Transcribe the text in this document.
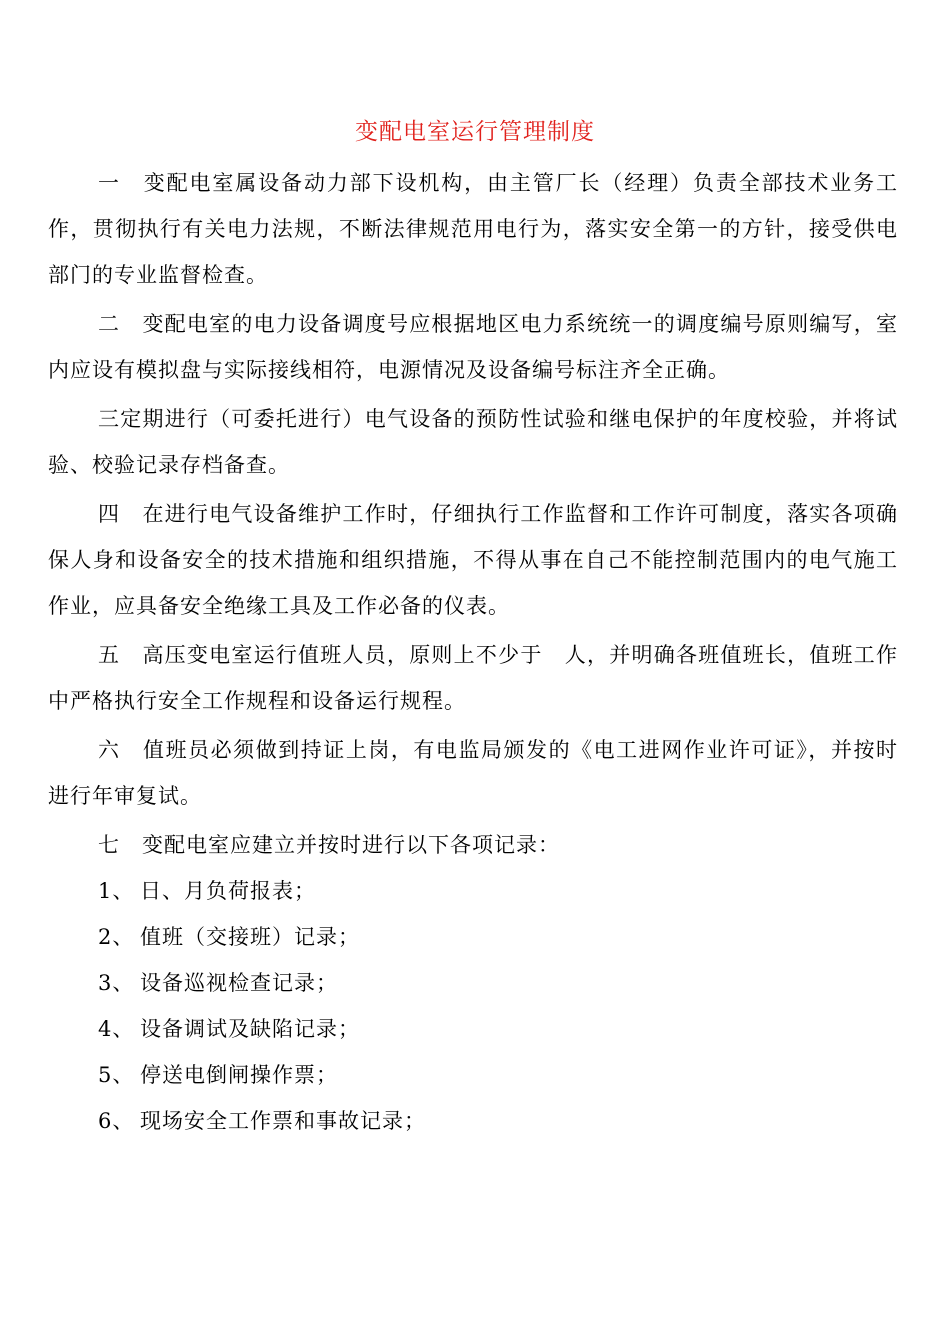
变配电室运行管理制度

一　变配电室属设备动力部下设机构，由主管厂长（经理）负责全部技术业务工作，贯彻执行有关电力法规，不断法律规范用电行为，落实安全第一的方针，接受供电部门的专业监督检查。

二　变配电室的电力设备调度号应根据地区电力系统统一的调度编号原则编写，室内应设有模拟盘与实际接线相符，电源情况及设备编号标注齐全正确。

三定期进行（可委托进行）电气设备的预防性试验和继电保护的年度校验，并将试验、校验记录存档备查。

四　在进行电气设备维护工作时，仔细执行工作监督和工作许可制度，落实各项确保人身和设备安全的技术措施和组织措施，不得从事在自己不能控制范围内的电气施工作业，应具备安全绝缘工具及工作必备的仪表。

五　高压变电室运行值班人员，原则上不少于　人，并明确各班值班长，值班工作中严格执行安全工作规程和设备运行规程。

六　值班员必须做到持证上岗，有电监局颁发的《电工进网作业许可证》，并按时进行年审复试。

七　变配电室应建立并按时进行以下各项记录：

1、 日、月负荷报表；
2、 值班（交接班）记录；
3、 设备巡视检查记录；
4、 设备调试及缺陷记录；
5、 停送电倒闸操作票；
6、 现场安全工作票和事故记录；
